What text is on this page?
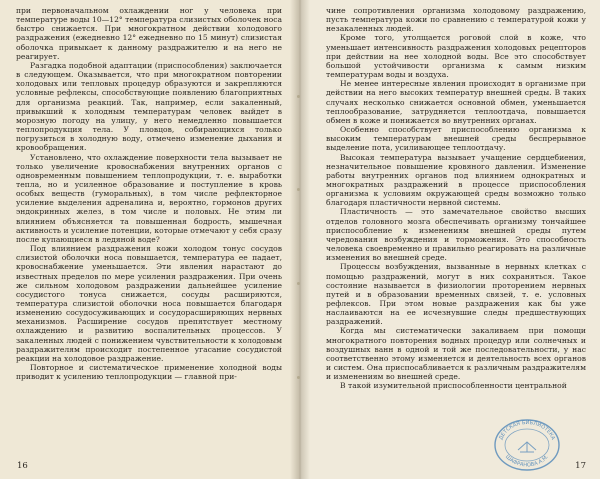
при первоначальном охлаждении ног у человека при температуре воды 10—12° температура слизистых оболочек носа быстро снижается. При многократном действии холодового раздражения (ежедневно 12° ежедневно по 15 минут) слизистая оболочка привыкает к данному раздражителю и на него не реагирует.

Разгадка подобной адаптации (приспособления) заключается в следующем. Оказывается, что при многократном повторении холодовых или тепловых процедур образуются и закрепляются условные рефлексы, способствующие появлению благоприятных для организма реакций. Так, например, если закаленный, привыкший к холодным температурам человек выйдет в морозную погоду на улицу, у него немедленно повышается теплопродукция тела. У пловцов, собирающихся только погрузиться в холодную воду, отмечено изменение дыхания и кровообращения.

Установлено, что охлаждение поверхности тела вызывает не только увеличение кровоснабжения внутренних органов с одновременным повышением теплопродукции, т. е. выработки тепла, но и усиленное образование и поступление в кровь особых веществ (гуморальных), в том числе рефлекторное усиление выделения адреналина и, вероятно, гормонов других эндокринных желез, в том числе и половых. Не этим ли влиянием объясняется та повышенная бодрость, мышечная активность и усиление потенции, которые отмечают у себя сразу после купающиеся в ледяной воде?

Под влиянием раздражения кожи холодом тонус сосудов слизистой оболочки носа повышается, температура ее падает, кровоснабжение уменьшается. Эти явления нарастают до известных пределов по мере усиления раздражения. При очень же сильном холодовом раздражении дальнейшее усиление сосудистого тонуса снижается, сосуды расширяются, температура слизистой оболочки носа повышается благодаря изменению сосудосуживающих и сосудорасширяющих нервных механизмов. Расширение сосудов препятствует местному охлаждению и развитию воспалительных процессов. У закаленных людей с понижением чувствительности к холодовым раздражителям происходит постепенное угасание сосудистой реакции на холодовое раздражение.

Повторное и систематическое применение холодной воды приводит к усилению теплопродукции — главной при-

16

чине сопротивления организма холодовому раздражению, пусть температура кожи по сравнению с температурой кожи у незакаленных людей.

Кроме того, утолщается роговой слой в коже, что уменьшает интенсивность раздражения холодовых рецепторов при действии на нее холодной воды. Все это способствует большой устойчивости организма к самым низким температурам воды и воздуха.

Не менее интересные явления происходят в организме при действии на него высоких температур внешней среды. В таких случаях несколько снижается основной обмен, уменьшается теплообразование, затрудняется теплоотдача, повышается обмен в коже и понижается во внутренних органах.

Особенно способствует приспособлению организма к высоким температурам внешней среды беспрерывное выделение пота, усиливающее теплоотдачу.

Высокая температура вызывает учащение сердцебиения, незначительное повышение кровяного давления. Изменение работы внутренних органов под влиянием однократных и многократных раздражений в процессе приспособления организма к условиям окружающей среды возможно только благодаря пластичности нервной системы.

Пластичность — это замечательное свойство высших отделов головного мозга обеспечивать организму тончайшее приспособление к изменениям внешней среды путем чередования возбуждения и торможения. Это способность человека своевременно и правильно реагировать на различные изменения во внешней среде.

Процессы возбуждения, вызванные в нервных клетках с помощью раздражений, могут в них сохраняться. Такое состояние называется в физиологии проторением нервных путей и в образовании временных связей, т. е. условных рефлексов. При этом новые раздражения как бы уже наслаиваются на ее исчезнувшие следы предшествующих раздражений.

Когда мы систематически закаливаем при помощи многократного повторения водных процедур или солнечных и воздушных ванн в одной и той же последовательности, у нас соответственно этому изменяется и деятельность всех органов и систем. Она приспосабливается к различным раздражителям и изменениям во внешней среде.

В такой изумительной приспособленности центральной

17
ДЕТСКАЯ БИБЛИОТЕКА
ШАФРАНОВА А.М.
